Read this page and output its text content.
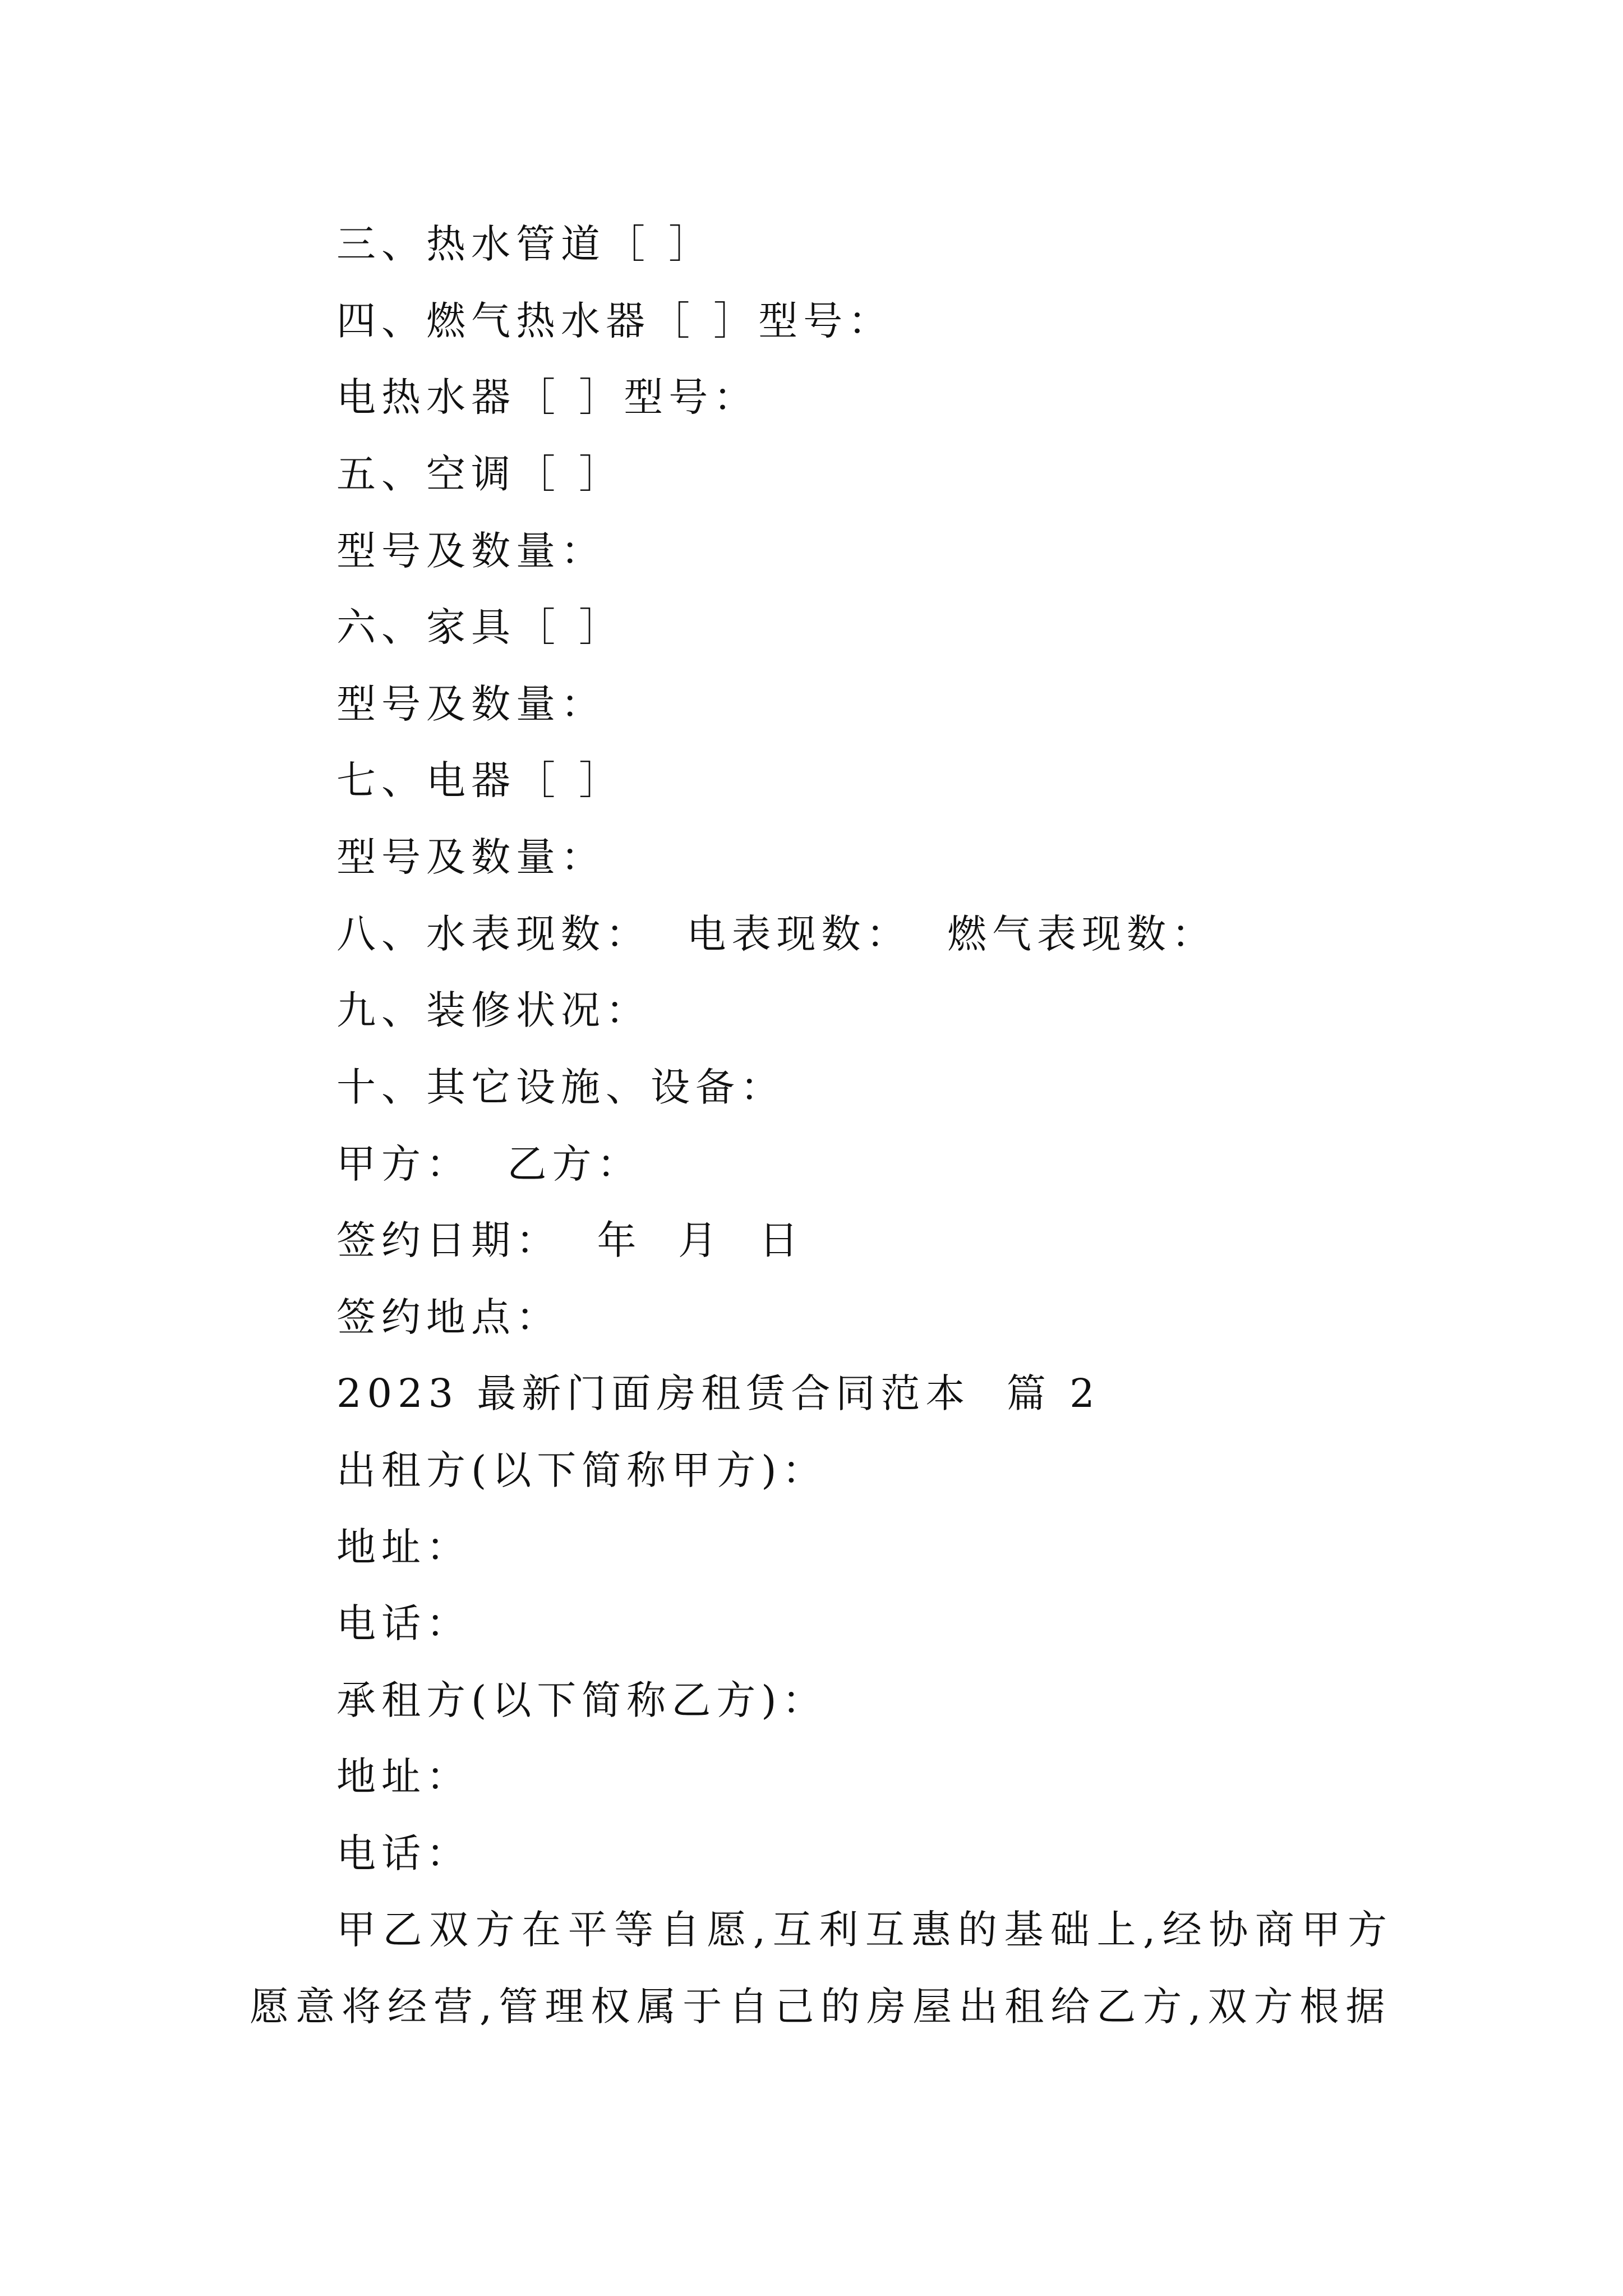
三、热水管道［ ］
四、燃气热水器［ ］型号：
电热水器［ ］型号：
五、空调［ ］
型号及数量：
六、家具［ ］
型号及数量：
七、电器［ ］
型号及数量：
八、水表现数：  电表现数：  燃气表现数：
九、装修状况：
十、其它设施、设备：
甲方：  乙方：
签约日期：  年  月  日
签约地点：
2023 最新门面房租赁合同范本  篇 2
出租方(以下简称甲方)：
地址：
电话：
承租方(以下简称乙方)：
地址：
电话：
甲乙双方在平等自愿,互利互惠的基础上,经协商甲方愿意将经营,管理权属于自己的房屋出租给乙方,双方根据
